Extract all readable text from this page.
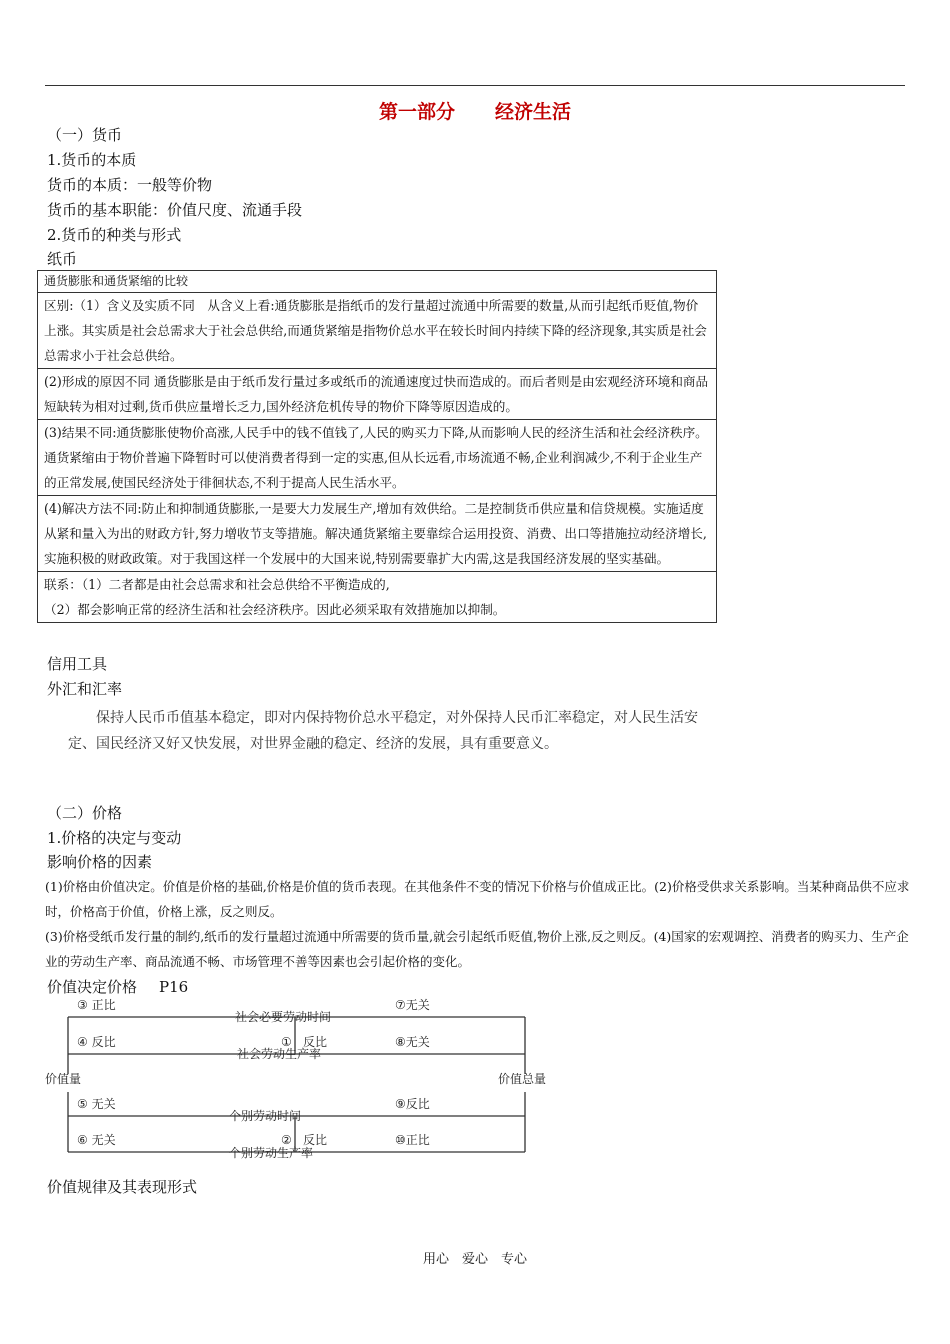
第一部分 经济生活
（一）货币
1.货币的本质
货币的本质：一般等价物
货币的基本职能：价值尺度、流通手段
2.货币的种类与形式
纸币
通货膨胀和通货紧缩的比较
区别:（1）含义及实质不同　从含义上看:通货膨胀是指纸币的发行量超过流通中所需要的数量,从而引起纸币贬值,物价上涨。其实质是社会总需求大于社会总供给,而通货紧缩是指物价总水平在较长时间内持续下降的经济现象,其实质是社会总需求小于社会总供给。
(2)形成的原因不同 通货膨胀是由于纸币发行量过多或纸币的流通速度过快而造成的。而后者则是由宏观经济环境和商品短缺转为相对过剩,货币供应量增长乏力,国外经济危机传导的物价下降等原因造成的。
(3)结果不同:通货膨胀使物价高涨,人民手中的钱不值钱了,人民的购买力下降,从而影响人民的经济生活和社会经济秩序。通货紧缩由于物价普遍下降暂时可以使消费者得到一定的实惠,但从长远看,市场流通不畅,企业利润减少,不利于企业生产的正常发展,使国民经济处于徘徊状态,不利于提高人民生活水平。
(4)解决方法不同:防止和抑制通货膨胀,一是要大力发展生产,增加有效供给。二是控制货币供应量和信贷规模。实施适度从紧和量入为出的财政方针,努力增收节支等措施。解决通货紧缩主要靠综合运用投资、消费、出口等措施拉动经济增长,实施积极的财政政策。对于我国这样一个发展中的大国来说,特别需要靠扩大内需,这是我国经济发展的坚实基础。

联系：（1）二者都是由社会总需求和社会总供给不平衡造成的,
（2）都会影响正常的经济生活和社会经济秩序。因此必须采取有效措施加以抑制。
信用工具
外汇和汇率
保持人民币币值基本稳定，即对内保持物价总水平稳定，对外保持人民币汇率稳定，对人民生活安定、国民经济又好又快发展，对世界金融的稳定、经济的发展，具有重要意义。
（二）价格
1.价格的决定与变动
影响价格的因素
(1)价格由价值决定。价值是价格的基础,价格是价值的货币表现。在其他条件不变的情况下价格与价值成正比。(2)价格受供求关系影响。当某种商品供不应求时，价格高于价值，价格上涨，反之则反。
(3)价格受纸币发行量的制约,纸币的发行量超过流通中所需要的货币量,就会引起纸币贬值,物价上涨,反之则反。(4)国家的宏观调控、消费者的购买力、生产企业的劳动生产率、商品流通不畅、市场管理不善等因素也会引起价格的变化。
价值决定价格 P16
③ 正比	⑦无关
社会必要劳动时间
④ 反比	① 反比	⑧无关
社会劳动生产率
价值量	价值总量
⑤ 无关	⑨反比
个别劳动时间
⑥ 无关	② 反比	⑩正比
个别劳动生产率
价值规律及其表现形式
用心　爱心　专心
